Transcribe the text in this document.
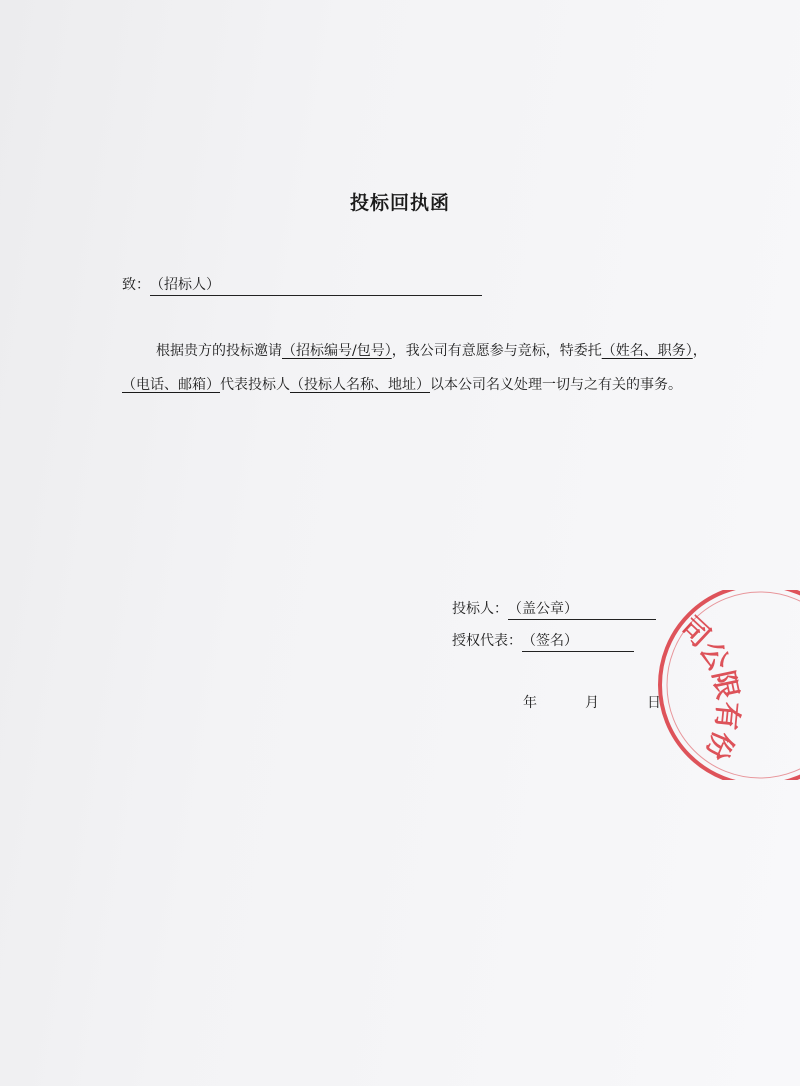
投标回执函
致：（招标人）

根据贵方的投标邀请（招标编号/包号），我公司有意愿参与竞标，特委托（姓名、职务），（电话、邮箱）代表投标人（投标人名称、地址）以本公司名义处理一切与之有关的事务。

投标人：（盖公章）
授权代表：（签名）
年	月	日
司公限有份
